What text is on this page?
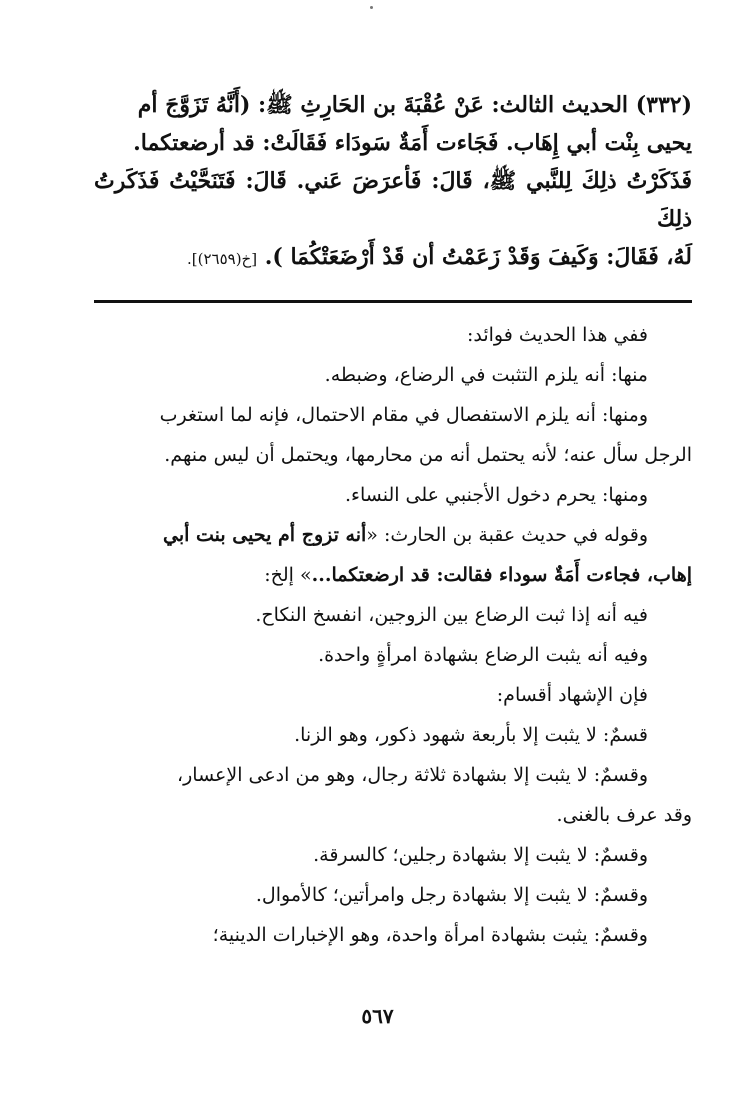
(٣٣٢) الحديث الثالث: عَنْ عُقْبَةَ بن الحَارِثِ ﷺ: (أَنَّهُ تَزَوَّجَ أم

يحيى بِنْت أبي إِهَاب. فَجَاءت أَمَةٌ سَودَاء فَقَالَتْ: قد أرضعتكما.

فَذَكَرْتُ ذلِكَ لِلنَّبي ﷺ، قَالَ: فَأعرَضَ عَني. قَالَ: فَتَنَحَّيْتُ فَذَكَرتُ ذلِكَ

لَهُ، فَقَالَ: وَكَيفَ وَقَدْ زَعَمْتُ أن قَدْ أَرْضَعَتْكُمَا ). [خ(٢٦٥٩)].

ففي هذا الحديث فوائد:

منها: أنه يلزم التثبت في الرضاع، وضبطه.

ومنها: أنه يلزم الاستفصال في مقام الاحتمال، فإنه لما استغرب

الرجل سأل عنه؛ لأنه يحتمل أنه من محارمها، ويحتمل أن ليس منهم.

ومنها: يحرم دخول الأجنبي على النساء.

وقوله في حديث عقبة بن الحارث: «أنه تزوج أم يحيى بنت أبي

إهاب، فجاءت أَمَةٌ سوداء فقالت: قد ارضعتكما...» إلخ:

فيه أنه إذا ثبت الرضاع بين الزوجين، انفسخ النكاح.

وفيه أنه يثبت الرضاع بشهادة امرأةٍ واحدة.

فإن الإشهاد أقسام:

قسمٌ: لا يثبت إلا بأربعة شهود ذكور، وهو الزنا.

وقسمٌ: لا يثبت إلا بشهادة ثلاثة رجال، وهو من ادعى الإعسار،

وقد عرف بالغنى.

وقسمٌ: لا يثبت إلا بشهادة رجلين؛ كالسرقة.

وقسمٌ: لا يثبت إلا بشهادة رجل وامرأتين؛ كالأموال.

وقسمٌ: يثبت بشهادة امرأة واحدة، وهو الإخبارات الدينية؛

٥٦٧
